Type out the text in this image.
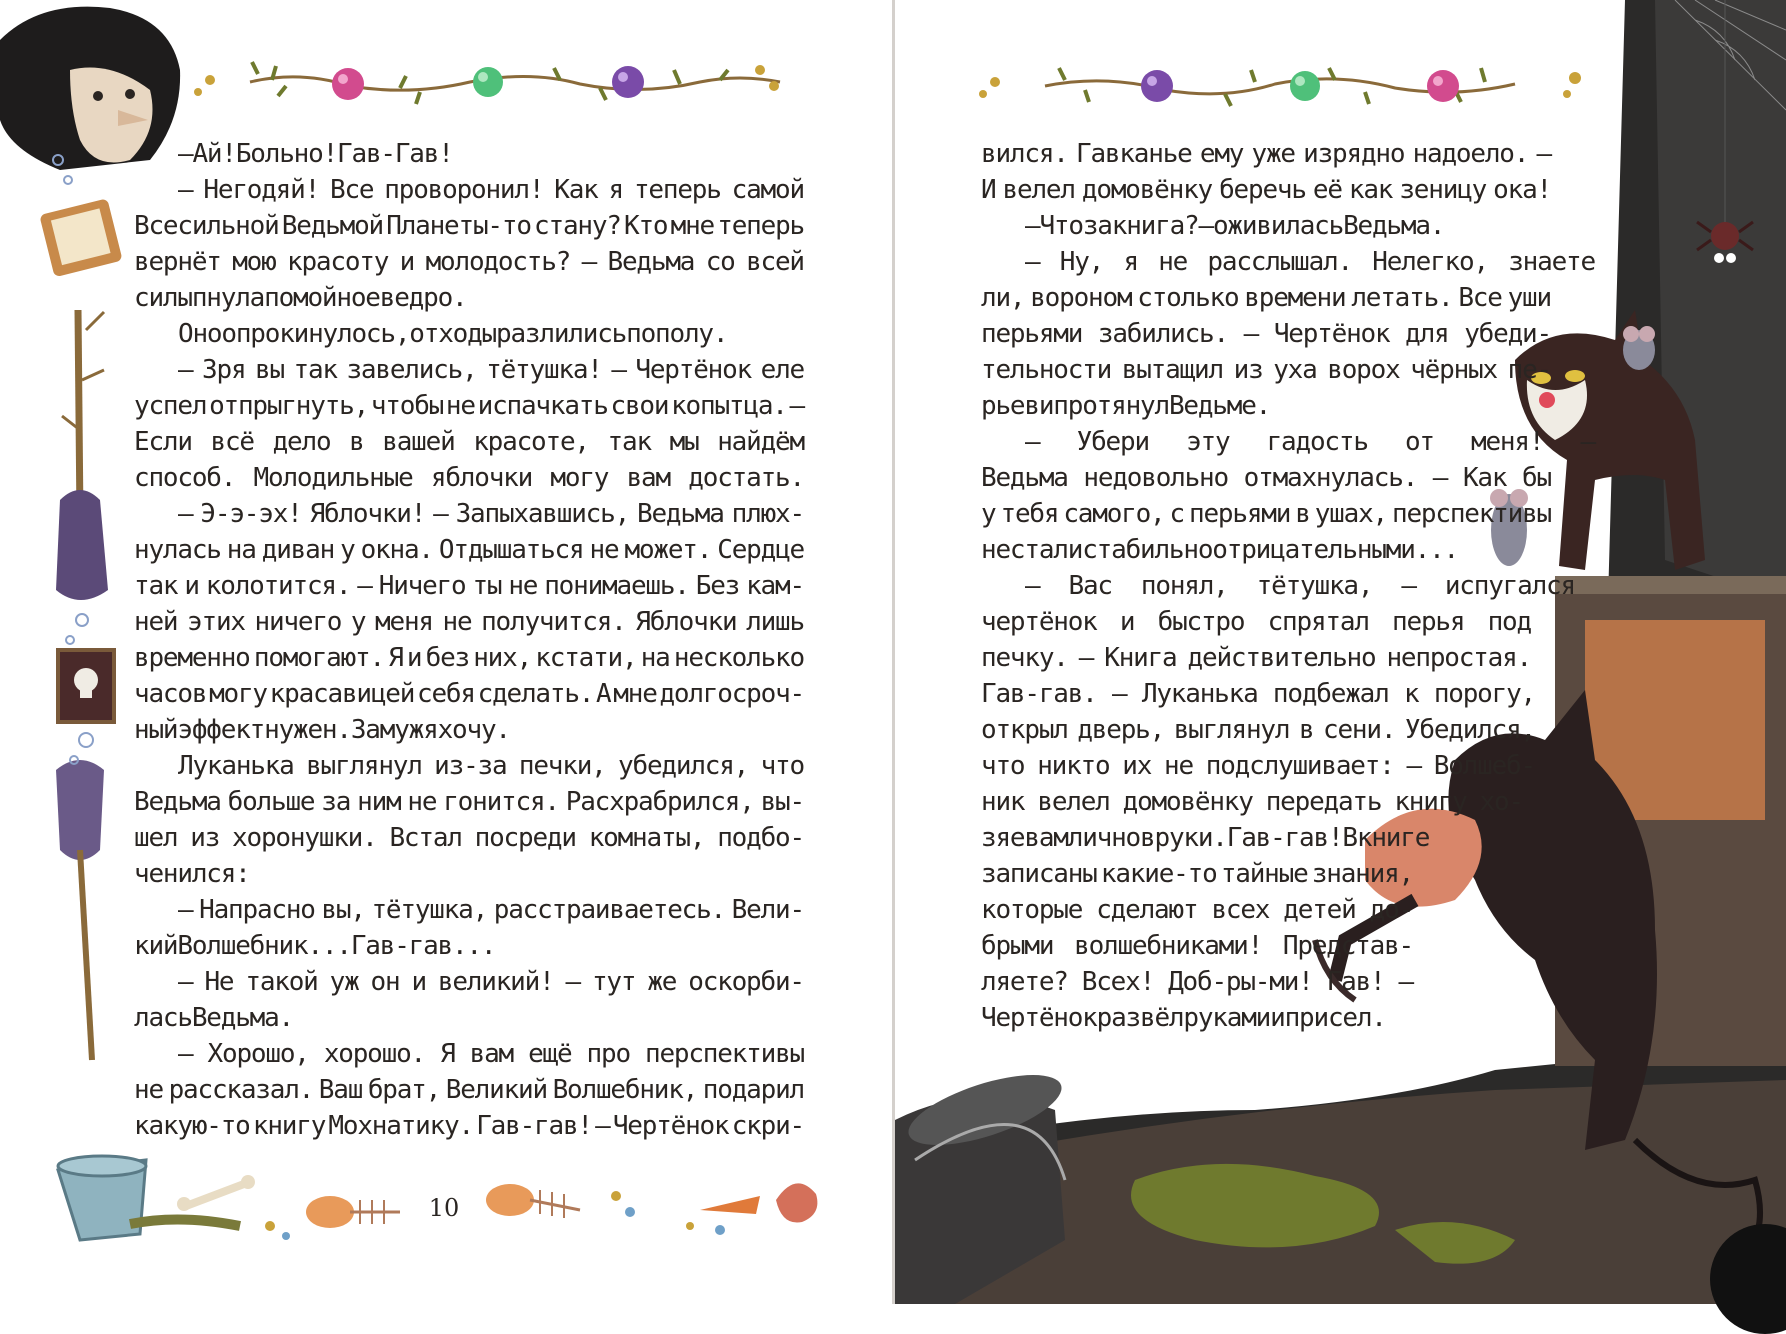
— Ай! Больно! Гав-Гав!
— Негодяй! Все проворонил! Как я теперь самой
Всесильной Ведьмой Планеты-то стану? Кто мне теперь
вернёт мою красоту и молодость? — Ведьма со всей
силы пнула помойное ведро.
Оно опрокинулось, отходы разлились по полу.
— Зря вы так завелись, тётушка! — Чертёнок еле
успел отпрыгнуть, чтобы не испачкать свои копытца. —
Если всё дело в вашей красоте, так мы найдём
способ. Молодильные яблочки могу вам достать.
— Э-э-эх! Яблочки! — Запыхавшись, Ведьма плюх-
нулась на диван у окна. Отдышаться не может. Сердце
так и колотится. — Ничего ты не понимаешь. Без кам-
ней этих ничего у меня не получится. Яблочки лишь
временно помогают. Я и без них, кстати, на несколько
часов могу красавицей себя сделать. А мне долгосроч-
ный эффект нужен. Замуж я хочу.
Луканька выглянул из-за печки, убедился, что
Ведьма больше за ним не гонится. Расхрабрился, вы-
шел из хоронушки. Встал посреди комнаты, подбо-
ченился:
— Напрасно вы, тётушка, расстраиваетесь. Вели-
кий Волшебник... Гав-гав...
— Не такой уж он и великий! — тут же оскорби-
лась Ведьма.
— Хорошо, хорошо. Я вам ещё про перспективы
не рассказал. Ваш брат, Великий Волшебник, подарил
какую-то книгу Мохнатику. Гав-гав! — Чертёнок скри-
10
вился. Гавканье ему уже изрядно надоело. —
И велел домовёнку беречь её как зеницу ока!
— Что за книга? — оживилась Ведьма.
— Ну, я не расслышал. Нелегко, знаете
ли, вороном столько времени летать. Все уши
перьями забились. — Чертёнок для убеди-
тельности вытащил из уха ворох чёрных пе-
рьев и протянул Ведьме.
— Убери эту гадость от меня! —
Ведьма недовольно отмахнулась. — Как бы
у тебя самого, с перьями в ушах, перспективы
не стали стабильно отрицательными...
— Вас понял, тётушка, — испугался
чертёнок и быстро спрятал перья под
печку. — Книга действительно непростая.
Гав-гав. — Луканька подбежал к порогу,
открыл дверь, выглянул в сени. Убедился,
что никто их не подслушивает: — Волшеб-
ник велел домовёнку передать книгу хо-
зяевам лично в руки. Гав-гав! В книге
записаны какие-то тайные знания,
которые сделают всех детей до-
брыми волшебниками! Представ-
ляете? Всех! Доб-ры-ми! Гав! —
Чертёнок развёл руками и присел.
